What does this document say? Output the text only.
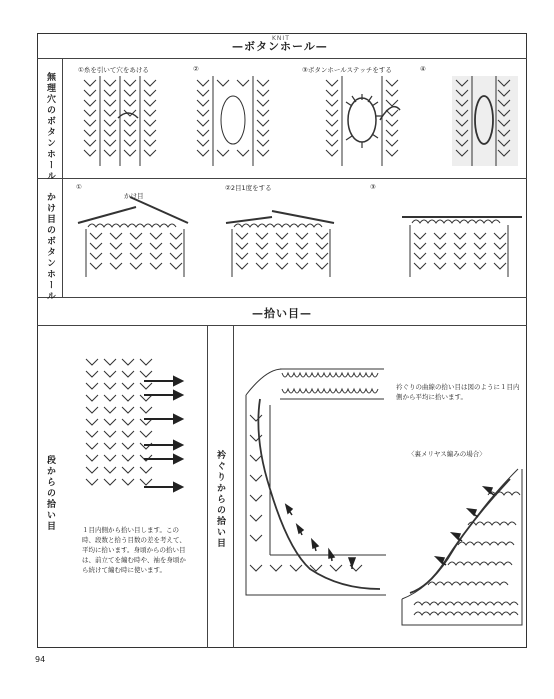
KNIT
—ボタンホール—
無理穴のボタンホール
かけ目のボタンホール
①糸を引いて穴をあける	②	③ボタンホールステッチをする	④
①	②2目1度をする	③
かけ目
—拾い目—
段からの拾い目	衿ぐりからの拾い目
１目内側から拾い目します。この時、段数と拾う目数の差を考えて、平均に拾います。身頃からの拾い目は、前立てを編む時や、袖を身頃から続けて編む時に使います。
衿ぐりの曲線の拾い目は図のように１目内側から平均に拾います。
〈裏メリヤス編みの場合〉
94
